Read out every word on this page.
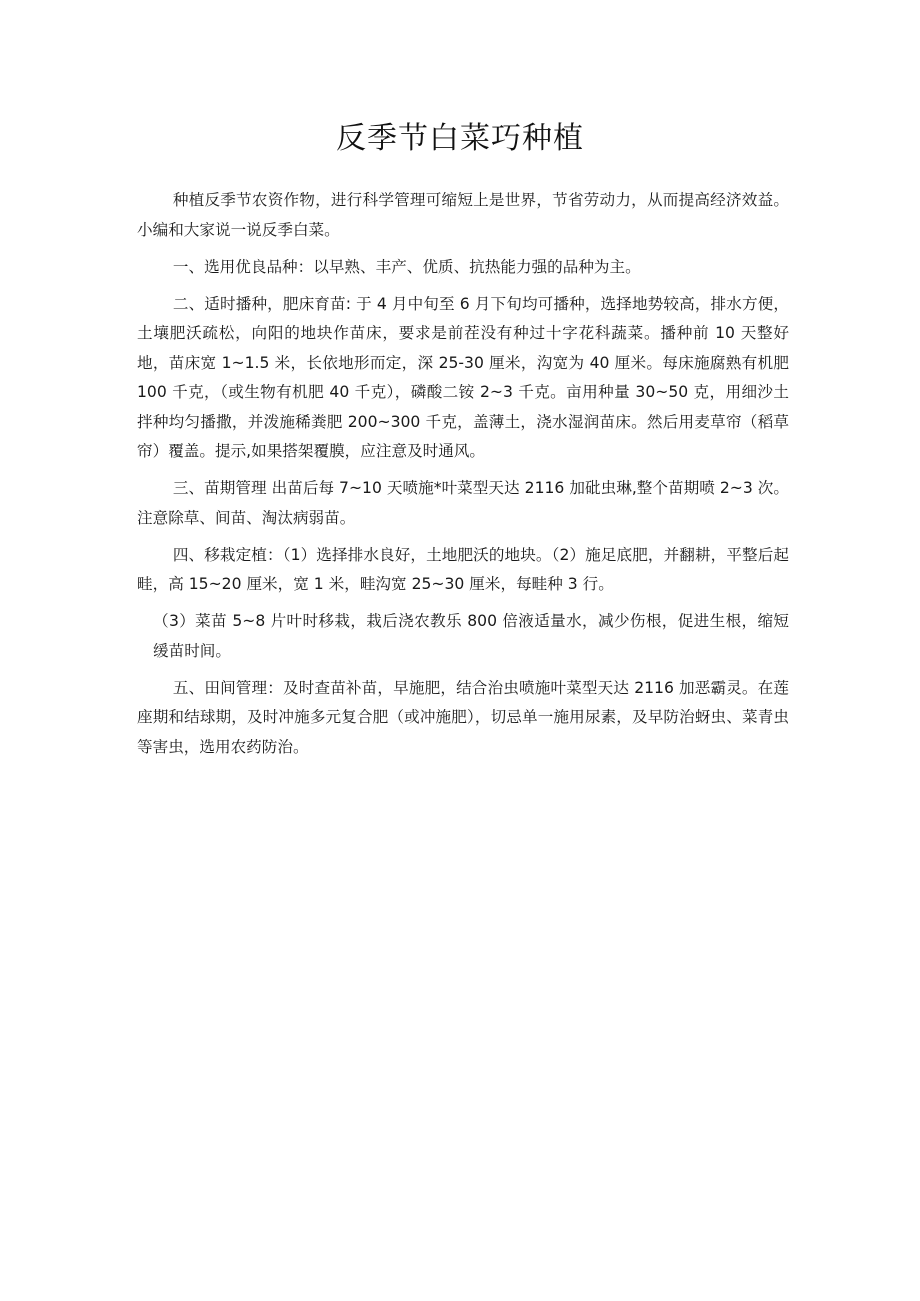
反季节白菜巧种植

种植反季节农资作物，进行科学管理可缩短上是世界，节省劳动力，从而提高经济效益。小编和大家说一说反季白菜。

一、选用优良品种：以早熟、丰产、优质、抗热能力强的品种为主。

二、适时播种，肥床育苗: 于 4 月中旬至 6 月下旬均可播种，选择地势较高，排水方便，土壤肥沃疏松，向阳的地块作苗床，要求是前茬没有种过十字花科蔬菜。播种前 10 天整好地，苗床宽 1~1.5 米，长依地形而定，深 25-30 厘米，沟宽为 40 厘米。每床施腐熟有机肥 100 千克，（或生物有机肥 40 千克），磷酸二铵 2~3 千克。亩用种量 30~50 克，用细沙土拌种均匀播撒，并泼施稀粪肥 200~300 千克，盖薄土，浇水湿润苗床。然后用麦草帘（稻草帘）覆盖。提示,如果搭架覆膜，应注意及时通风。

三、苗期管理 出苗后每 7~10 天喷施*叶菜型天达 2116 加砒虫琳,整个苗期喷 2~3 次。注意除草、间苗、淘汰病弱苗。

四、移栽定植：（1）选择排水良好，土地肥沃的地块。（2）施足底肥，并翻耕，平整后起畦，高 15~20 厘米，宽 1 米，畦沟宽 25~30 厘米，每畦种 3 行。

（3）菜苗 5~8 片叶时移栽，栽后浇农教乐 800 倍液适量水，减少伤根，促进生根，缩短缓苗时间。

五、田间管理：及时查苗补苗，早施肥，结合治虫喷施叶菜型天达 2116 加恶霸灵。在莲座期和结球期，及时冲施多元复合肥（或冲施肥），切忌单一施用尿素，及早防治蚜虫、菜青虫等害虫，选用农药防治。
